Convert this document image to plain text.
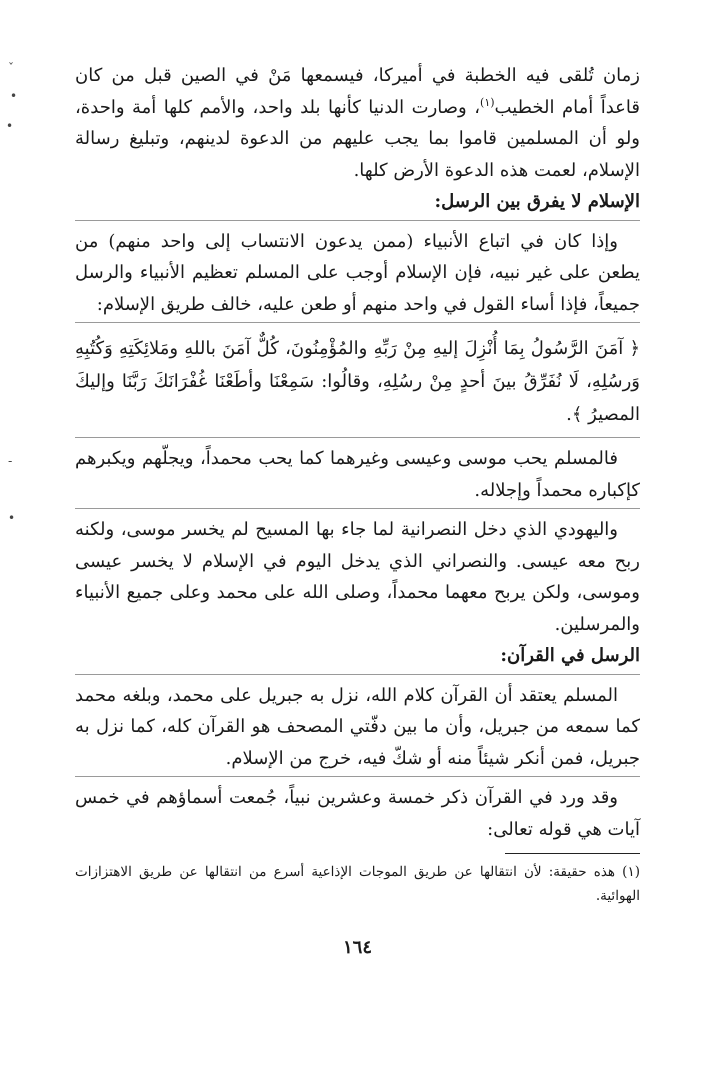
ˇ
•
•
-
•

زمان تُلقى فيه الخطبة في أميركا، فيسمعها مَنْ في الصين قبل من كان قاعداً أمام الخطيب$^{(١)}$، وصارت الدنيا كأنها بلد واحد، والأمم كلها أمة واحدة، ولو أن المسلمين قاموا بما يجب عليهم من الدعوة لدينهم، وتبليغ رسالة الإسلام، لعمت هذه الدعوة الأرض كلها.

الإسلام لا يفرق بين الرسل:

وإذا كان في اتباع الأنبياء (ممن يدعون الانتساب إلى واحد منهم) من يطعن على غير نبيه، فإن الإسلام أوجب على المسلم تعظيم الأنبياء والرسل جميعاً، فإذا أساء القول في واحد منهم أو طعن عليه، خالف طريق الإسلام:

﴿ آمَنَ الرَّسُولُ بِمَا أُنْزِلَ إليهِ مِنْ رَبِّهِ والمُؤْمِنُونَ، كُلٌّ آمَنَ باللهِ ومَلائِكَتِهِ وَكُتُبِهِ وَرسُلِهِ، لَا نُفَرِّقُ بينَ أحدٍ مِنْ رسُلِهِ، وقالُوا: سَمِعْنَا وأطَعْنَا غُفْرَانَكَ رَبَّنَا وإليكَ المصيرُ ﴾.

فالمسلم يحب موسى وعيسى وغيرهما كما يحب محمداً، ويجلّهم ويكبرهم كإكباره محمداً وإجلاله.

واليهودي الذي دخل النصرانية لما جاء بها المسيح لم يخسر موسى، ولكنه ربح معه عيسى. والنصراني الذي يدخل اليوم في الإسلام لا يخسر عيسى وموسى، ولكن يربح معهما محمداً، وصلى الله على محمد وعلى جميع الأنبياء والمرسلين.

الرسل في القرآن:

المسلم يعتقد أن القرآن كلام الله، نزل به جبريل على محمد، وبلغه محمد كما سمعه من جبريل، وأن ما بين دفّتي المصحف هو القرآن كله، كما نزل به جبريل، فمن أنكر شيئاً منه أو شكّ فيه، خرج من الإسلام.

وقد ورد في القرآن ذكر خمسة وعشرين نبياً، جُمعت أسماؤهم في خمس آيات هي قوله تعالى:

(١) هذه حقيقة: لأن انتقالها عن طريق الموجات الإذاعية أسرع من انتقالها عن طريق الاهتزازات الهوائية.

١٦٤
